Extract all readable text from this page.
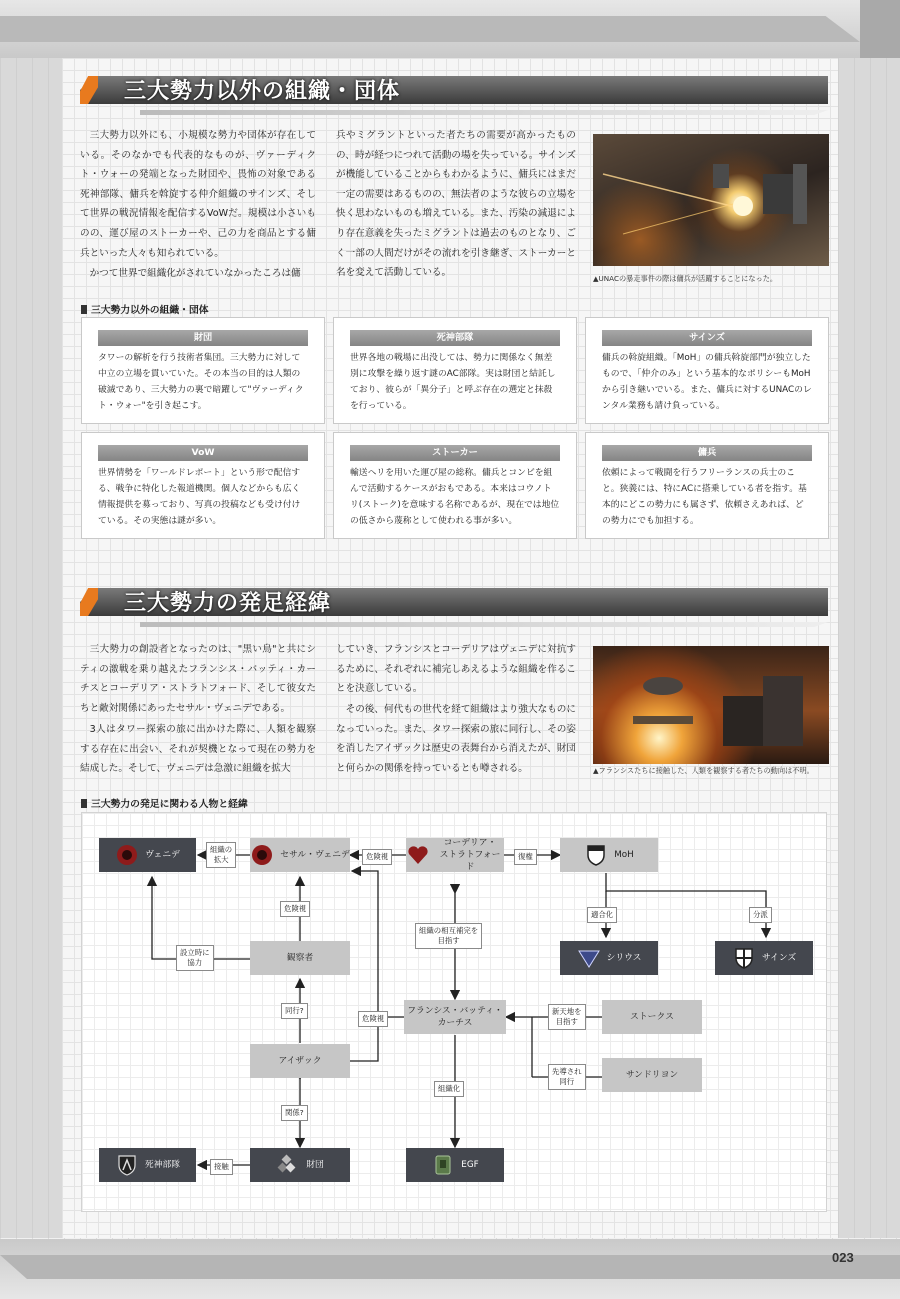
三大勢力以外の組織・団体
三大勢力以外にも、小規模な勢力や団体が存在している。そのなかでも代表的なものが、ヴァーディクト・ウォーの発端となった財団や、畏怖の対象である死神部隊、傭兵を斡旋する仲介組織のサインズ、そして世界の戦況情報を配信するVoWだ。規模は小さいものの、運び屋のストーカーや、己の力を商品とする傭兵といった人々も知られている。
かつて世界で組織化がされていなかったころは傭
兵やミグラントといった者たちの需要が高かったものの、時が経つにつれて活動の場を失っている。サインズが機能していることからもわかるように、傭兵にはまだ一定の需要はあるものの、無法者のような彼らの立場を快く思わないものも増えている。また、汚染の減退により存在意義を失ったミグラントは過去のものとなり、ごく一部の人間だけがその流れを引き継ぎ、ストーカーと名を変えて活動している。
▲UNACの暴走事件の際は傭兵が活躍することになった。
三大勢力以外の組織・団体
財団
タワーの解析を行う技術者集団。三大勢力に対して中立の立場を貫いていた。その本当の目的は人類の破滅であり、三大勢力の裏で暗躍して"ヴァーディクト・ウォー"を引き起こす。
死神部隊
世界各地の戦場に出没しては、勢力に関係なく無差別に攻撃を繰り返す謎のAC部隊。実は財団と結託しており、彼らが「異分子」と呼ぶ存在の選定と抹殺を行っている。
サインズ
傭兵の斡旋組織。「MoH」の傭兵斡旋部門が独立したもので、「仲介のみ」という基本的なポリシーもMoHから引き継いでいる。また、傭兵に対するUNACのレンタル業務も請け負っている。
VoW
世界情勢を「ワールドレポート」という形で配信する、戦争に特化した報道機関。個人などからも広く情報提供を募っており、写真の投稿なども受け付けている。その実態は謎が多い。
ストーカー
輸送ヘリを用いた運び屋の総称。傭兵とコンビを組んで活動するケースがおもである。本来はコウノトリ(ストーク)を意味する名称であるが、現在では地位の低さから蔑称として使われる事が多い。
傭兵
依頼によって戦闘を行うフリーランスの兵士のこと。狭義には、特にACに搭乗している者を指す。基本的にどこの勢力にも属さず、依頼さえあれば、どの勢力にでも加担する。
三大勢力の発足経緯
三大勢力の創設者となったのは、"黒い鳥"と共にシティの激戦を乗り越えたフランシス・バッティ・カーチスとコーデリア・ストラトフォード、そして彼女たちと敵対関係にあったセサル・ヴェニデである。
3人はタワー探索の旅に出かけた際に、人類を観察する存在に出会い、それが契機となって現在の勢力を結成した。そして、ヴェニデは急激に組織を拡大
していき、フランシスとコーデリアはヴェニデに対抗するために、それぞれに補完しあえるような組織を作ることを決意している。
その後、何代もの世代を経て組織はより強大なものになっていった。また、タワー探索の旅に同行し、その姿を消したアイザックは歴史の表舞台から消えたが、財団と何らかの関係を持っているとも噂される。	▲フランシスたちに接触した、人類を観察する者たちの動向は不明。
三大勢力の発足に関わる人物と経緯
ヴェニデ	セサル・ヴェニデ
コーデリア・
ストラトフォード
MoH
観察者	シリウス	サインズ
フランシス・バッティ・
カーチス
ストークス
サンドリヨン
アイザック
死神部隊	財団	EGF
組織の
拡大	危険視	復権
危険視
組織の相互補完を
目指す
適合化	分派
設立時に
協力
同行?
危険視
新天地を
目指す
先導され
同行
組織化
関係?
接触
023
